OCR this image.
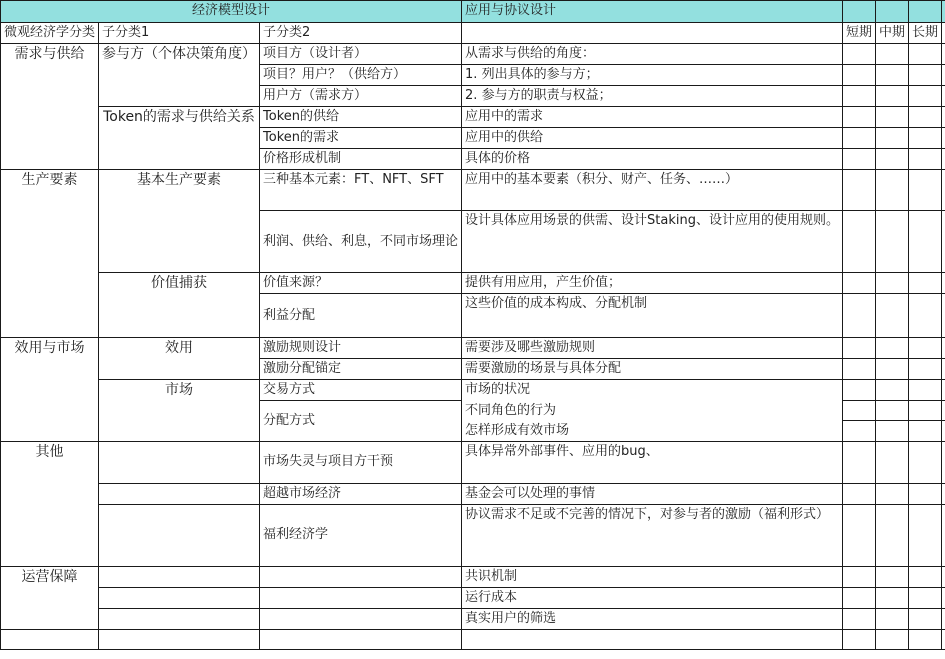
经济模型设计			应用与协议设计				
微观经济学分类	子分类1	子分类2		短期	中期	长期	
需求与供给	参与方（个体决策角度）	项目方（设计者）	从需求与供给的角度：				
		项目？用户？（供给方）	1. 列出具体的参与方；				
		用户方（需求方）	2. 参与方的职责与权益；				
	Token的需求与供给关系	Token的供给	应用中的需求				
		Token的需求	应用中的供给				
		价格形成机制	具体的价格				
生产要素	基本生产要素	三种基本元素：FT、NFT、SFT	应用中的基本要素（积分、财产、任务、……）				
		利润、供给、利息，不同市场理论	设计具体应用场景的供需、设计Staking、设计应用的使用规则。				
	价值捕获	价值来源？	提供有用应用，产生价值；				
		利益分配	这些价值的成本构成、分配机制				
效用与市场	效用	激励规则设计	需要涉及哪些激励规则				
		激励分配锚定	需要激励的场景与具体分配				
	市场	交易方式	市场的状况				
		分配方式	不同角色的行为				
			怎样形成有效市场				
其他		市场失灵与项目方干预	具体异常外部事件、应用的bug、				
		超越市场经济	基金会可以处理的事情				
		福利经济学	协议需求不足或不完善的情况下，对参与者的激励（福利形式）				
运营保障			共识机制				
			运行成本				
			真实用户的筛选				
